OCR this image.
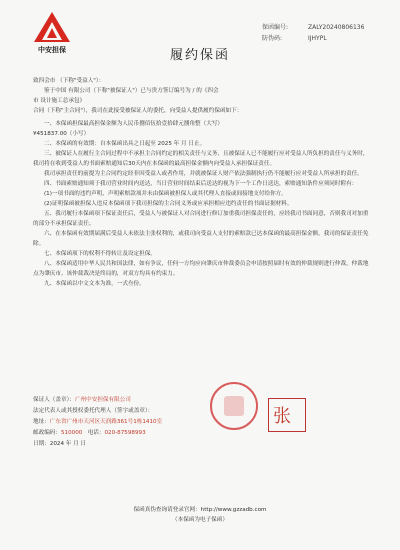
中安担保
保函编号:	ZALY20240806136
防伪码:	IJHYPL
履约保函

致四会市 （下称"受益人"）：

鉴于中国 有限公司（下称"被保证人"）已与贵方签订编号为 / 的《四会

市 设计施工总承包》

合同（下称"主合同"），我司在此接受被保证人的委托，向受益人提供履约保函如下：

一、本保函担保最高担保金额为人民币捌佰伍拾壹拾肆元捌角整（大写）

¥451837.00（小写）

二、本保函的有效期：自本保函出具之日起至 2025 年 月 日止。

三、被保证人在履行主合同过程中不承担主合同约定的相关责任与义务，且被保证人已不能履行应对受益人所负担的责任与义务时，我司将在收到受益人的书面索赔通知后30天内在本保函的最高担保金额内向受益人承担保证责任。

我司承担责任的前提为主合同约定经非因受益人或者作用，并就被保证人财产依法强制执行仍不能履行应对受益人所承担的责任。

四、书面索赔通知须于我司营业时间内送达，当日营业时间结束后送达的视为下一个工作日送达，索赔通知条件应须同时附有：

(1)一项书面的违约声明，声明索赔款项并未由保函被担保人或其代理人直接或间接地支付给你方。

(2)证明保函被担保人违反本保函项下我司担保的主合同义务或应承担相应违约责任的书面证据材料。

五、我司履行本保函项下保证责任后，受益人与被保证人对合同进行修订加重我司担保责任的，应经我司书面同意，否则我司对加重的部分不承担保证责任。

六、在本保函有效期届满后受益人未依法主张权利的，或我司向受益人支付的索赔款已达本保函的最高担保金额，我司的保证责任免除。

七、本保函项下的权利不得转让及设定担保。

八、本保函适用中华人民共和国法律，如有争议，任何一方均应向肇庆市仲裁委员会申请按照届时有效的仲裁规则进行仲裁，仲裁地点为肇庆市。该仲裁裁决是终局的，对双方均具有约束力。

九、本保函以中文文本为准，一式叁份。

张
保证人（盖章）：广州中安担保有限公司
法定代表人或其授权委托代理人（签字或盖章）：
地址：广东省广州市天河区天润路361号1栋1410室
邮政编码：510000 电话：020-87598993
日期：2024 年 月 日
保函真伪查询请登录官网：http://www.gzzadb.com
（本保函为电子保函）
